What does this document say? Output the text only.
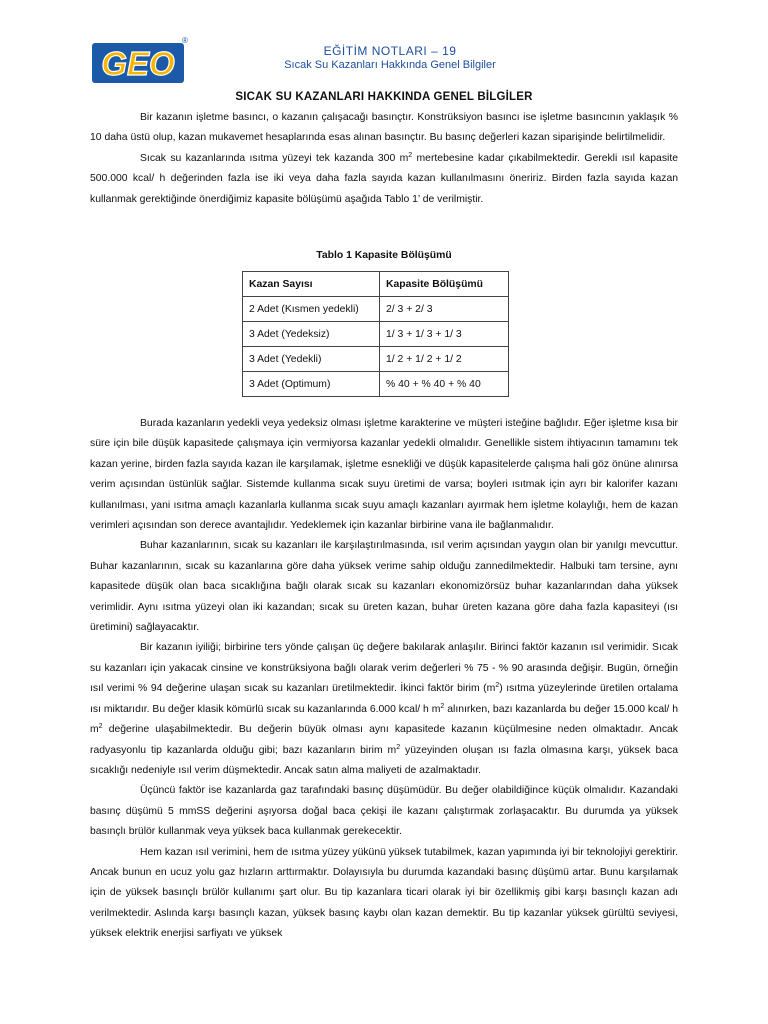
GEO
®
EĞİTİM NOTLARI – 19
Sıcak Su Kazanları Hakkında Genel Bilgiler
SICAK SU KAZANLARI HAKKINDA GENEL BİLGİLER

Bir kazanın işletme basıncı, o kazanın çalışacağı basınçtır. Konstrüksiyon basıncı ise işletme basıncının yaklaşık % 10 daha üstü olup, kazan mukavemet hesaplarında esas alınan basınçtır. Bu basınç değerleri kazan siparişinde belirtilmelidir.

Sıcak su kazanlarında ısıtma yüzeyi tek kazanda 300 $m^2$ mertebesine kadar çıkabilmektedir. Gerekli ısıl kapasite 500.000 kcal/ h değerinden fazla ise iki veya daha fazla sayıda kazan kullanılmasını öneririz. Birden fazla sayıda kazan kullanmak gerektiğinde önerdiğimiz kapasite bölüşümü aşağıda Tablo 1’ de verilmiştir.

Tablo 1 Kapasite Bölüşümü
Kazan Sayısı	Kapasite Bölüşümü
2 Adet (Kısmen yedekli)	2/ 3 + 2/ 3
3 Adet (Yedeksiz)	1/ 3 + 1/ 3 + 1/ 3
3 Adet (Yedekli)	1/ 2 + 1/ 2 + 1/ 2
3 Adet (Optimum)	% 40 + % 40 + % 40

Burada kazanların yedekli veya yedeksiz olması işletme karakterine ve müşteri isteğine bağlıdır. Eğer işletme kısa bir süre için bile düşük kapasitede çalışmaya için vermiyorsa kazanlar yedekli olmalıdır. Genellikle sistem ihtiyacının tamamını tek kazan yerine, birden fazla sayıda kazan ile karşılamak, işletme esnekliği ve düşük kapasitelerde çalışma hali göz önüne alınırsa verim açısından üstünlük sağlar. Sistemde kullanma sıcak suyu üretimi de varsa; boyleri ısıtmak için ayrı bir kalorifer kazanı kullanılması, yani ısıtma amaçlı kazanlarla kullanma sıcak suyu amaçlı kazanları ayırmak hem işletme kolaylığı, hem de kazan verimleri açısından son derece avantajlıdır. Yedeklemek için kazanlar birbirine vana ile bağlanmalıdır.

Buhar kazanlarının, sıcak su kazanları ile karşılaştırılmasında, ısıl verim açısından yaygın olan bir yanılgı mevcuttur. Buhar kazanlarının, sıcak su kazanlarına göre daha yüksek verime sahip olduğu zannedilmektedir. Halbuki tam tersine, aynı kapasitede düşük olan baca sıcaklığına bağlı olarak sıcak su kazanları ekonomizörsüz buhar kazanlarından daha yüksek verimlidir. Aynı ısıtma yüzeyi olan iki kazandan; sıcak su üreten kazan, buhar üreten kazana göre daha fazla kapasiteyi (ısı üretimini) sağlayacaktır.

Bir kazanın iyiliği; birbirine ters yönde çalışan üç değere bakılarak anlaşılır. Birinci faktör kazanın ısıl verimidir. Sıcak su kazanları için yakacak cinsine ve konstrüksiyona bağlı olarak verim değerleri % 75 - % 90 arasında değişir. Bugün, örneğin ısıl verimi % 94 değerine ulaşan sıcak su kazanları üretilmektedir. İkinci faktör birim $(m^2)$ ısıtma yüzeylerinde üretilen ortalama ısı miktarıdır. Bu değer klasik kömürlü sıcak su kazanlarında 6.000 kcal/ h $m^2$ alınırken, bazı kazanlarda bu değer 15.000 kcal/ h $m^2$ değerine ulaşabilmektedir. Bu değerin büyük olması aynı kapasitede kazanın küçülmesine neden olmaktadır. Ancak radyasyonlu tip kazanlarda olduğu gibi; bazı kazanların birim $m^2$ yüzeyinden oluşan ısı fazla olmasına karşı, yüksek baca sıcaklığı nedeniyle ısıl verim düşmektedir. Ancak satın alma maliyeti de azalmaktadır.

Üçüncü faktör ise kazanlarda gaz tarafındaki basınç düşümüdür. Bu değer olabildiğince küçük olmalıdır. Kazandaki basınç düşümü 5 mmSS değerini aşıyorsa doğal baca çekişi ile kazanı çalıştırmak zorlaşacaktır. Bu durumda ya yüksek basınçlı brülör kullanmak veya yüksek baca kullanmak gerekecektir.

Hem kazan ısıl verimini, hem de ısıtma yüzey yükünü yüksek tutabilmek, kazan yapımında iyi bir teknolojiyi gerektirir. Ancak bunun en ucuz yolu gaz hızların arttırmaktır. Dolayısıyla bu durumda kazandaki basınç düşümü artar. Bunu karşılamak için de yüksek basınçlı brülör kullanımı şart olur. Bu tip kazanlara ticari olarak iyi bir özellikmiş gibi karşı basınçlı kazan adı verilmektedir. Aslında karşı basınçlı kazan, yüksek basınç kaybı olan kazan demektir. Bu tip kazanlar yüksek gürültü seviyesi, yüksek elektrik enerjisi sarfiyatı ve yüksek
